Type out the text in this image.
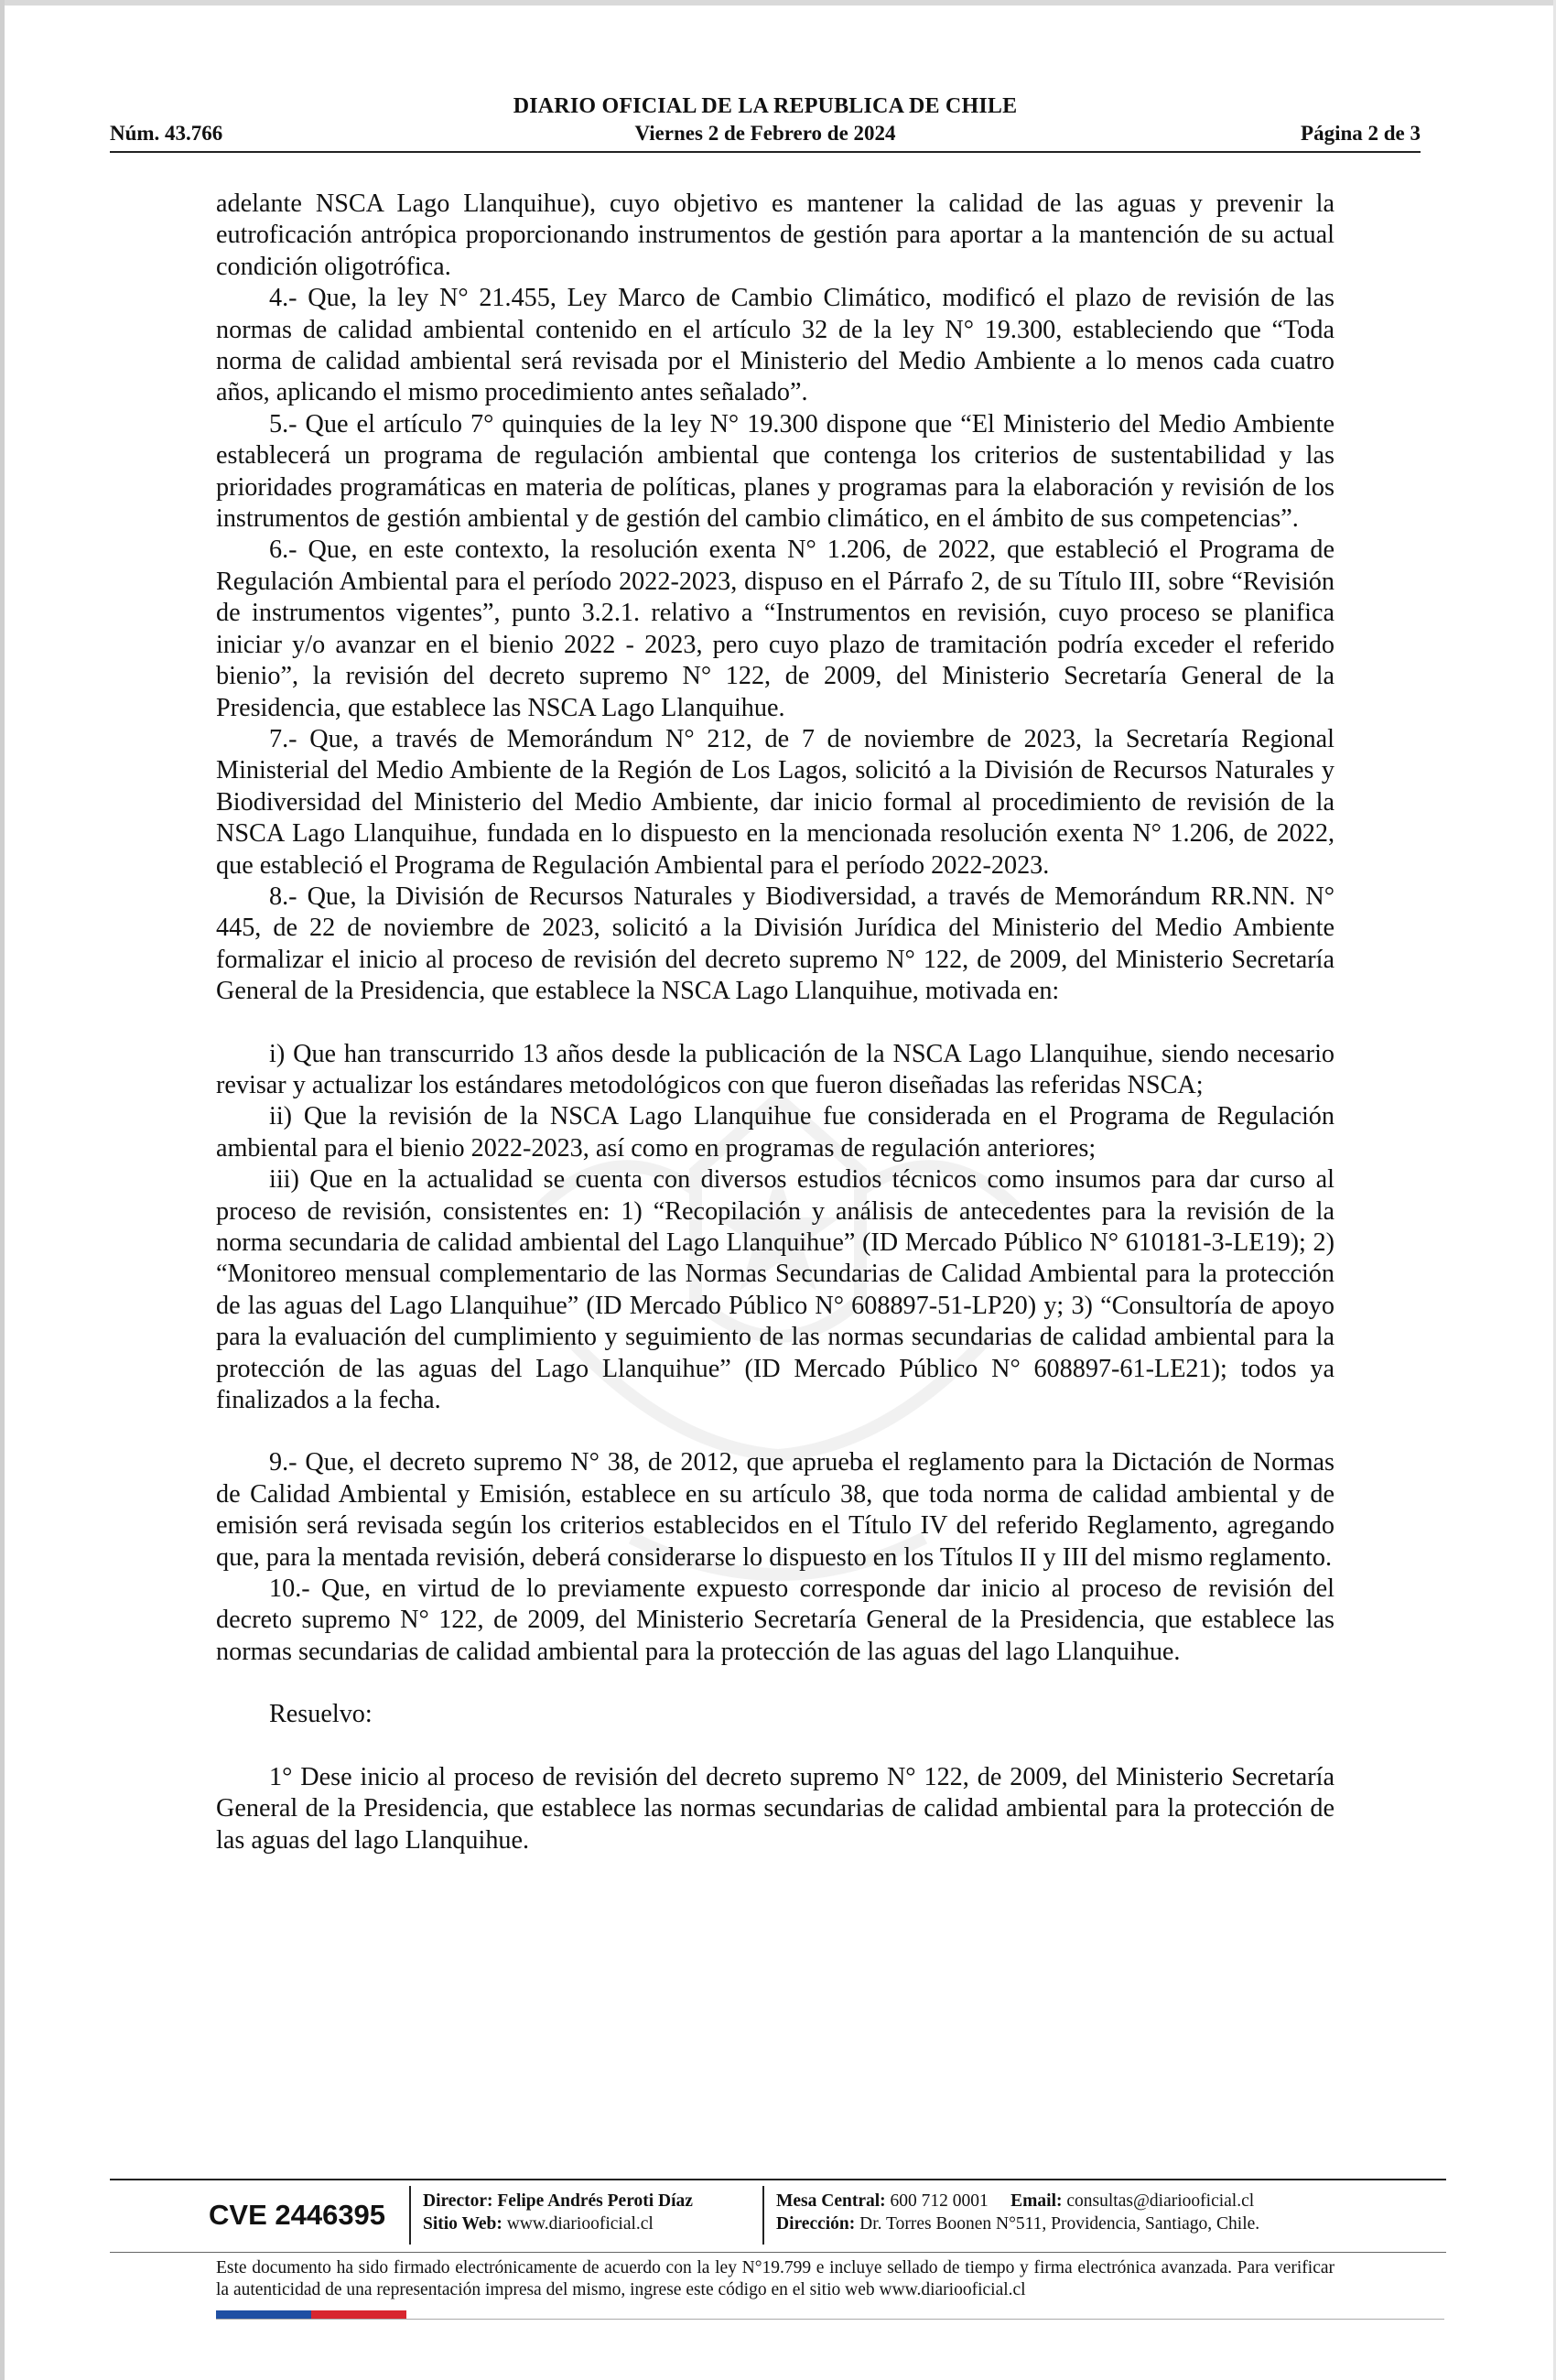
DIARIO OFICIAL DE LA REPUBLICA DE CHILE
Núm. 43.766	Viernes 2 de Febrero de 2024	Página 2 de 3

adelante NSCA Lago Llanquihue), cuyo objetivo es mantener la calidad de las aguas y prevenir la eutroficación antrópica proporcionando instrumentos de gestión para aportar a la mantención de su actual condición oligotrófica.

4.- Que, la ley N° 21.455, Ley Marco de Cambio Climático, modificó el plazo de revisión de las normas de calidad ambiental contenido en el artículo 32 de la ley N° 19.300, estableciendo que “Toda norma de calidad ambiental será revisada por el Ministerio del Medio Ambiente a lo menos cada cuatro años, aplicando el mismo procedimiento antes señalado”.

5.- Que el artículo 7° quinquies de la ley N° 19.300 dispone que “El Ministerio del Medio Ambiente establecerá un programa de regulación ambiental que contenga los criterios de sustentabilidad y las prioridades programáticas en materia de políticas, planes y programas para la elaboración y revisión de los instrumentos de gestión ambiental y de gestión del cambio climático, en el ámbito de sus competencias”.

6.- Que, en este contexto, la resolución exenta N° 1.206, de 2022, que estableció el Programa de Regulación Ambiental para el período 2022-2023, dispuso en el Párrafo 2, de su Título III, sobre “Revisión de instrumentos vigentes”, punto 3.2.1. relativo a “Instrumentos en revisión, cuyo proceso se planifica iniciar y/o avanzar en el bienio 2022 - 2023, pero cuyo plazo de tramitación podría exceder el referido bienio”, la revisión del decreto supremo N° 122, de 2009, del Ministerio Secretaría General de la Presidencia, que establece las NSCA Lago Llanquihue.

7.- Que, a través de Memorándum N° 212, de 7 de noviembre de 2023, la Secretaría Regional Ministerial del Medio Ambiente de la Región de Los Lagos, solicitó a la División de Recursos Naturales y Biodiversidad del Ministerio del Medio Ambiente, dar inicio formal al procedimiento de revisión de la NSCA Lago Llanquihue, fundada en lo dispuesto en la mencionada resolución exenta N° 1.206, de 2022, que estableció el Programa de Regulación Ambiental para el período 2022-2023.

8.- Que, la División de Recursos Naturales y Biodiversidad, a través de Memorándum RR.NN. N° 445, de 22 de noviembre de 2023, solicitó a la División Jurídica del Ministerio del Medio Ambiente formalizar el inicio al proceso de revisión del decreto supremo N° 122, de 2009, del Ministerio Secretaría General de la Presidencia, que establece la NSCA Lago Llanquihue, motivada en:

i) Que han transcurrido 13 años desde la publicación de la NSCA Lago Llanquihue, siendo necesario revisar y actualizar los estándares metodológicos con que fueron diseñadas las referidas NSCA;

ii) Que la revisión de la NSCA Lago Llanquihue fue considerada en el Programa de Regulación ambiental para el bienio 2022-2023, así como en programas de regulación anteriores;

iii) Que en la actualidad se cuenta con diversos estudios técnicos como insumos para dar curso al proceso de revisión, consistentes en: 1) “Recopilación y análisis de antecedentes para la revisión de la norma secundaria de calidad ambiental del Lago Llanquihue” (ID Mercado Público N° 610181-3-LE19); 2) “Monitoreo mensual complementario de las Normas Secundarias de Calidad Ambiental para la protección de las aguas del Lago Llanquihue” (ID Mercado Público N° 608897-51-LP20) y; 3) “Consultoría de apoyo para la evaluación del cumplimiento y seguimiento de las normas secundarias de calidad ambiental para la protección de las aguas del Lago Llanquihue” (ID Mercado Público N° 608897-61-LE21); todos ya finalizados a la fecha.

9.- Que, el decreto supremo N° 38, de 2012, que aprueba el reglamento para la Dictación de Normas de Calidad Ambiental y Emisión, establece en su artículo 38, que toda norma de calidad ambiental y de emisión será revisada según los criterios establecidos en el Título IV del referido Reglamento, agregando que, para la mentada revisión, deberá considerarse lo dispuesto en los Títulos II y III del mismo reglamento.

10.- Que, en virtud de lo previamente expuesto corresponde dar inicio al proceso de revisión del decreto supremo N° 122, de 2009, del Ministerio Secretaría General de la Presidencia, que establece las normas secundarias de calidad ambiental para la protección de las aguas del lago Llanquihue.

Resuelvo:

1° Dese inicio al proceso de revisión del decreto supremo N° 122, de 2009, del Ministerio Secretaría General de la Presidencia, que establece las normas secundarias de calidad ambiental para la protección de las aguas del lago Llanquihue.

CVE 2446395	Director: Felipe Andrés Peroti Díaz
Sitio Web: www.diariooficial.cl
Mesa Central: 600 712 0001 Email: consultas@diariooficial.cl
Dirección: Dr. Torres Boonen N°511, Providencia, Santiago, Chile.
Este documento ha sido firmado electrónicamente de acuerdo con la ley N°19.799 e incluye sellado de tiempo y firma electrónica avanzada. Para verificar la autenticidad de una representación impresa del mismo, ingrese este código en el sitio web www.diariooficial.cl
